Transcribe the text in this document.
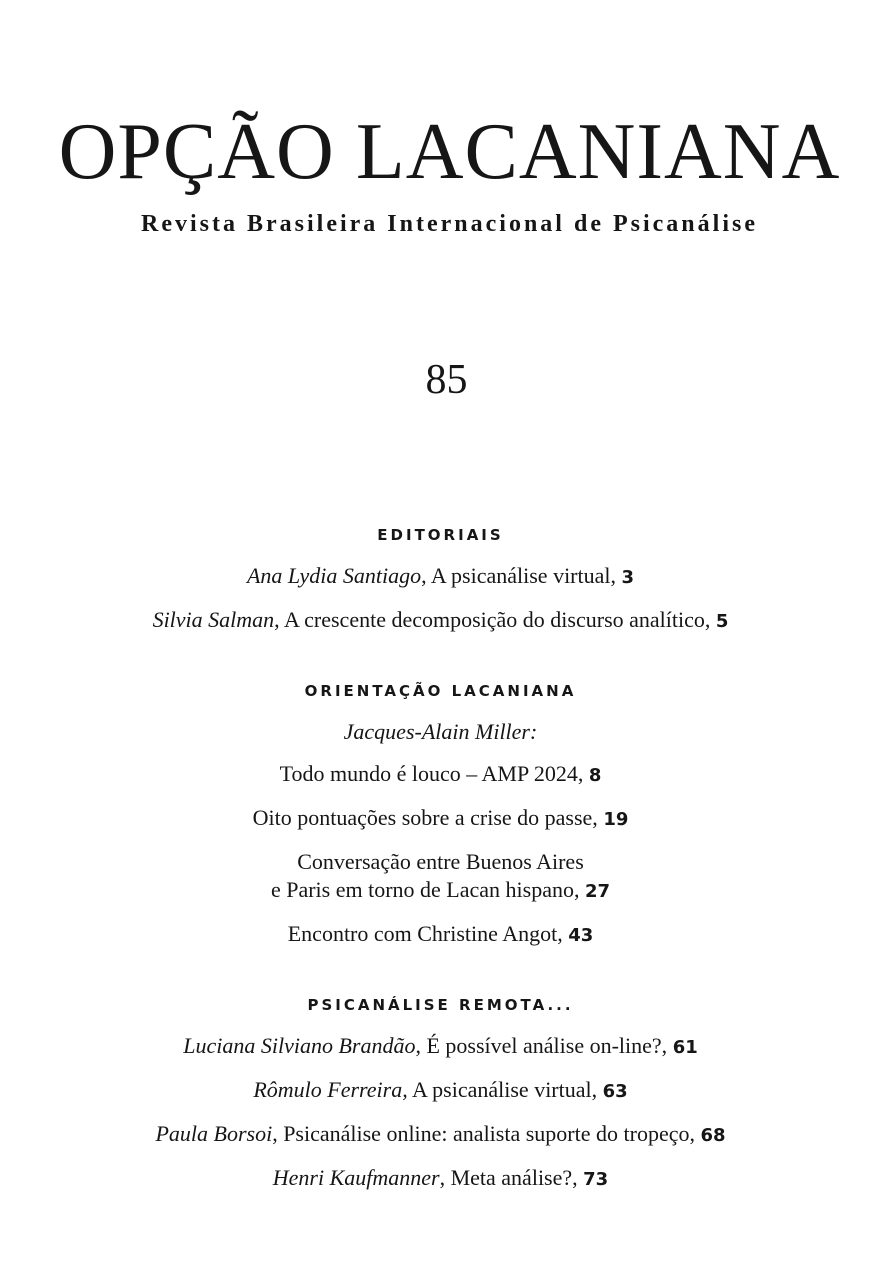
OPÇÃO LACANIANA

Revista Brasileira Internacional de Psicanálise

85

EDITORIAIS

Ana Lydia Santiago, A psicanálise virtual, 3

Silvia Salman, A crescente decomposição do discurso analítico, 5

ORIENTAÇÃO LACANIANA

Jacques-Alain Miller:

Todo mundo é louco – AMP 2024, 8

Oito pontuações sobre a crise do passe, 19

Conversação entre Buenos Aires
e Paris em torno de Lacan hispano, 27

Encontro com Christine Angot, 43

PSICANÁLISE REMOTA...

Luciana Silviano Brandão, É possível análise on-line?, 61

Rômulo Ferreira, A psicanálise virtual, 63

Paula Borsoi, Psicanálise online: analista suporte do tropeço, 68

Henri Kaufmanner, Meta análise?, 73
